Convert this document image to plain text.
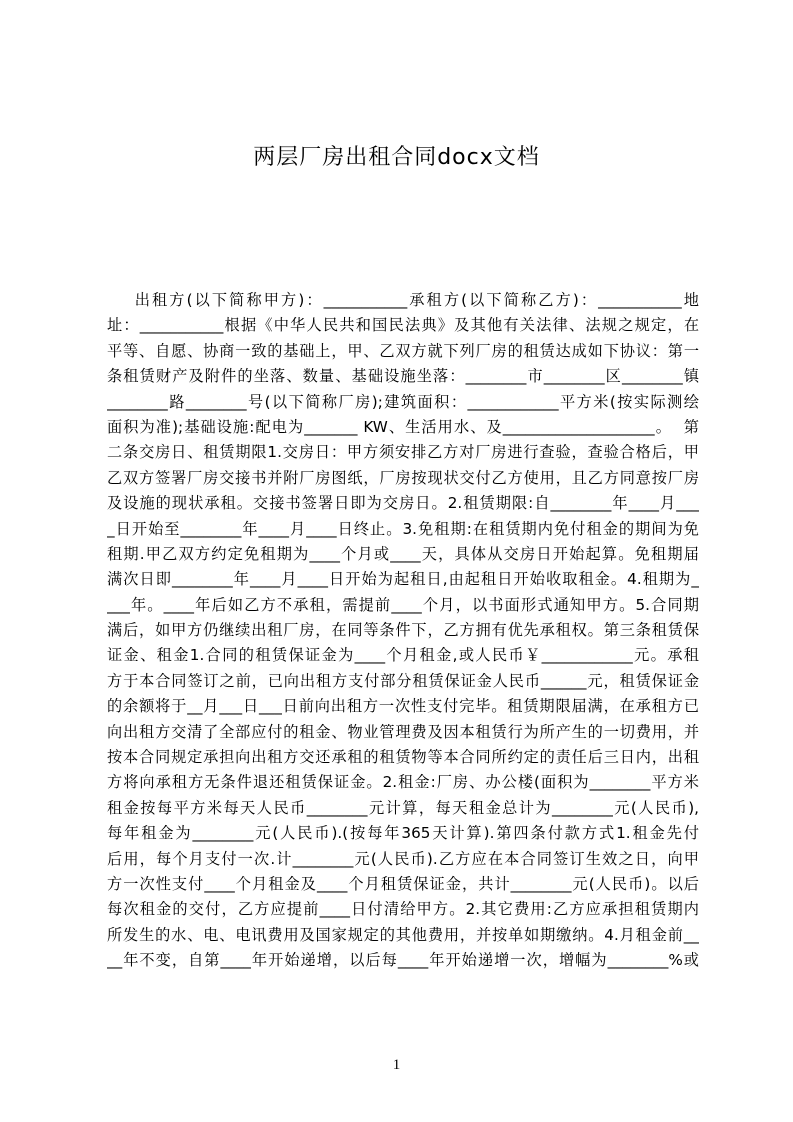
两层厂房出租合同docx文档
出租方(以下简称甲方)：___________承租方(以下简称乙方)：___________地
址：___________根据《中华人民共和国民法典》及其他有关法律、法规之规定，在
平等、自愿、协商一致的基础上，甲、乙双方就下列厂房的租赁达成如下协议：第一
条租赁财产及附件的坐落、数量、基础设施坐落：________市________区________镇
________路________号(以下简称厂房);建筑面积：____________平方米(按实际测绘
面积为准);基础设施:配电为_______ KW、生活用水、及____________________。  第
二条交房日、租赁期限1.交房日：甲方须安排乙方对厂房进行查验，查验合格后，甲
乙双方签署厂房交接书并附厂房图纸，厂房按现状交付乙方使用，且乙方同意按厂房
及设施的现状承租。交接书签署日即为交房日。2.租赁期限:自________年____月___
_日开始至________年____月____日终止。3.免租期:在租赁期内免付租金的期间为免
租期.甲乙双方约定免租期为____个月或____天，具体从交房日开始起算。免租期届
满次日即________年____月____日开始为起租日,由起租日开始收取租金。4.租期为_
___年。____年后如乙方不承租，需提前____个月，以书面形式通知甲方。5.合同期
满后，如甲方仍继续出租厂房，在同等条件下，乙方拥有优先承租权。第三条租赁保
证金、租金1.合同的租赁保证金为____个月租金,或人民币￥____________元。承租
方于本合同签订之前，已向出租方支付部分租赁保证金人民币______元，租赁保证金
的余额将于__月___日___日前向出租方一次性支付完毕。租赁期限届满，在承租方已
向出租方交清了全部应付的租金、物业管理费及因本租赁行为所产生的一切费用，并
按本合同规定承担向出租方交还承租的租赁物等本合同所约定的责任后三日内，出租
方将向承租方无条件退还租赁保证金。2.租金:厂房、办公楼(面积为________平方米
租金按每平方米每天人民币________元计算，每天租金总计为________元(人民币),
每年租金为________元(人民币).(按每年365天计算).第四条付款方式1.租金先付
后用，每个月支付一次.计________元(人民币).乙方应在本合同签订生效之日，向甲
方一次性支付____个月租金及____个月租赁保证金，共计________元(人民币)。以后
每次租金的交付，乙方应提前____日付清给甲方。2.其它费用:乙方应承担租赁期内
所发生的水、电、电讯费用及国家规定的其他费用，并按单如期缴纳。4.月租金前__
__年不变，自第____年开始递增，以后每____年开始递增一次，增幅为________%或
1
